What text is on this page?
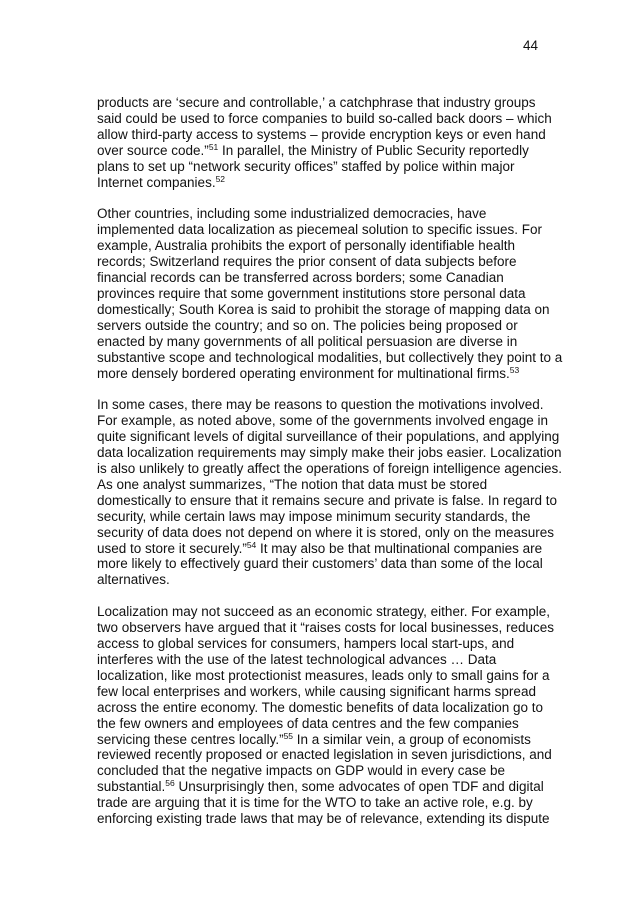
44
products are ‘secure and controllable,’ a catchphrase that industry groups
said could be used to force companies to build so-called back doors – which
allow third-party access to systems – provide encryption keys or even hand
over source code.”$^{51}$ In parallel, the Ministry of Public Security reportedly
plans to set up “network security offices” staffed by police within major
Internet companies.$^{52}$
Other countries, including some industrialized democracies, have
implemented data localization as piecemeal solution to specific issues. For
example, Australia prohibits the export of personally identifiable health
records; Switzerland requires the prior consent of data subjects before
financial records can be transferred across borders; some Canadian
provinces require that some government institutions store personal data
domestically; South Korea is said to prohibit the storage of mapping data on
servers outside the country; and so on. The policies being proposed or
enacted by many governments of all political persuasion are diverse in
substantive scope and technological modalities, but collectively they point to a
more densely bordered operating environment for multinational firms.$^{53}$
In some cases, there may be reasons to question the motivations involved.
For example, as noted above, some of the governments involved engage in
quite significant levels of digital surveillance of their populations, and applying
data localization requirements may simply make their jobs easier. Localization
is also unlikely to greatly affect the operations of foreign intelligence agencies.
As one analyst summarizes, “The notion that data must be stored
domestically to ensure that it remains secure and private is false. In regard to
security, while certain laws may impose minimum security standards, the
security of data does not depend on where it is stored, only on the measures
used to store it securely.”$^{54}$ It may also be that multinational companies are
more likely to effectively guard their customers’ data than some of the local
alternatives.
Localization may not succeed as an economic strategy, either. For example,
two observers have argued that it “raises costs for local businesses, reduces
access to global services for consumers, hampers local start-ups, and
interferes with the use of the latest technological advances … Data
localization, like most protectionist measures, leads only to small gains for a
few local enterprises and workers, while causing significant harms spread
across the entire economy. The domestic benefits of data localization go to
the few owners and employees of data centres and the few companies
servicing these centres locally.”$^{55}$ In a similar vein, a group of economists
reviewed recently proposed or enacted legislation in seven jurisdictions, and
concluded that the negative impacts on GDP would in every case be
substantial.$^{56}$ Unsurprisingly then, some advocates of open TDF and digital
trade are arguing that it is time for the WTO to take an active role, e.g. by
enforcing existing trade laws that may be of relevance, extending its dispute
